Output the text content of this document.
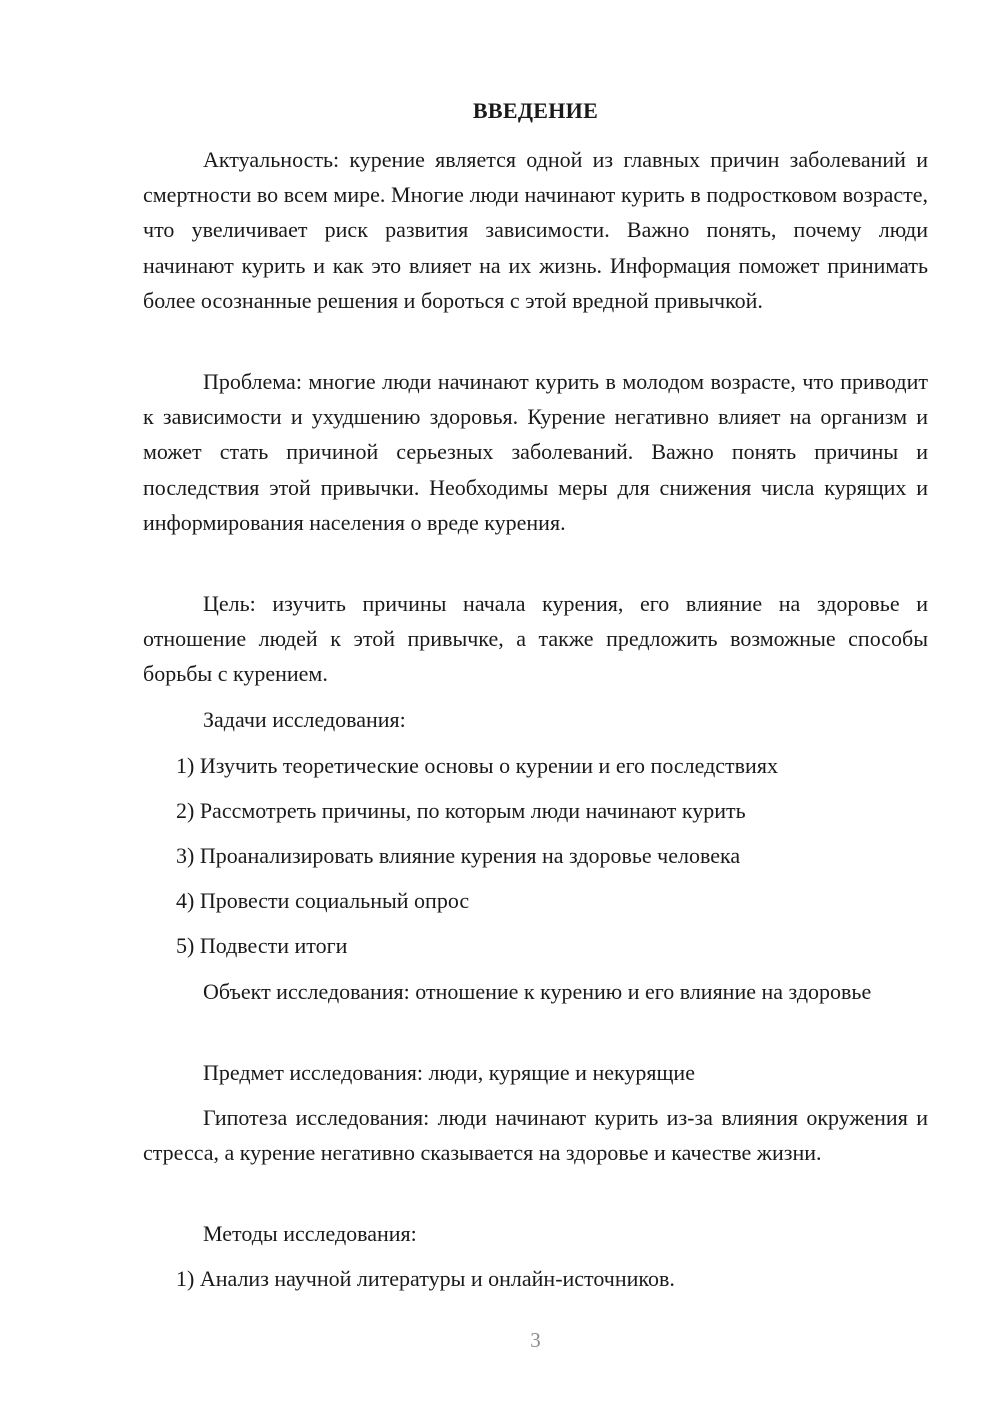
ВВЕДЕНИЕ

Актуальность: курение является одной из главных причин заболеваний и смертности во всем мире. Многие люди начинают курить в подростковом возрасте, что увеличивает риск развития зависимости. Важно понять, почему люди начинают курить и как это влияет на их жизнь. Информация поможет принимать более осознанные решения и бороться с этой вредной привычкой.

Проблема: многие люди начинают курить в молодом возрасте, что приводит к зависимости и ухудшению здоровья. Курение негативно влияет на организм и может стать причиной серьезных заболеваний. Важно понять причины и последствия этой привычки. Необходимы меры для снижения числа курящих и информирования населения о вреде курения.

Цель: изучить причины начала курения, его влияние на здоровье и отношение людей к этой привычке, а также предложить возможные способы борьбы с курением.

Задачи исследования:

1) Изучить теоретические основы о курении и его последствиях

2) Рассмотреть причины, по которым люди начинают курить

3) Проанализировать влияние курения на здоровье человека

4) Провести социальный опрос

5) Подвести итоги

Объект исследования: отношение к курению и его влияние на здоровье

Предмет исследования: люди, курящие и некурящие

Гипотеза исследования: люди начинают курить из-за влияния окружения и стресса, а курение негативно сказывается на здоровье и качестве жизни.

Методы исследования:

1) Анализ научной литературы и онлайн-источников.

3
